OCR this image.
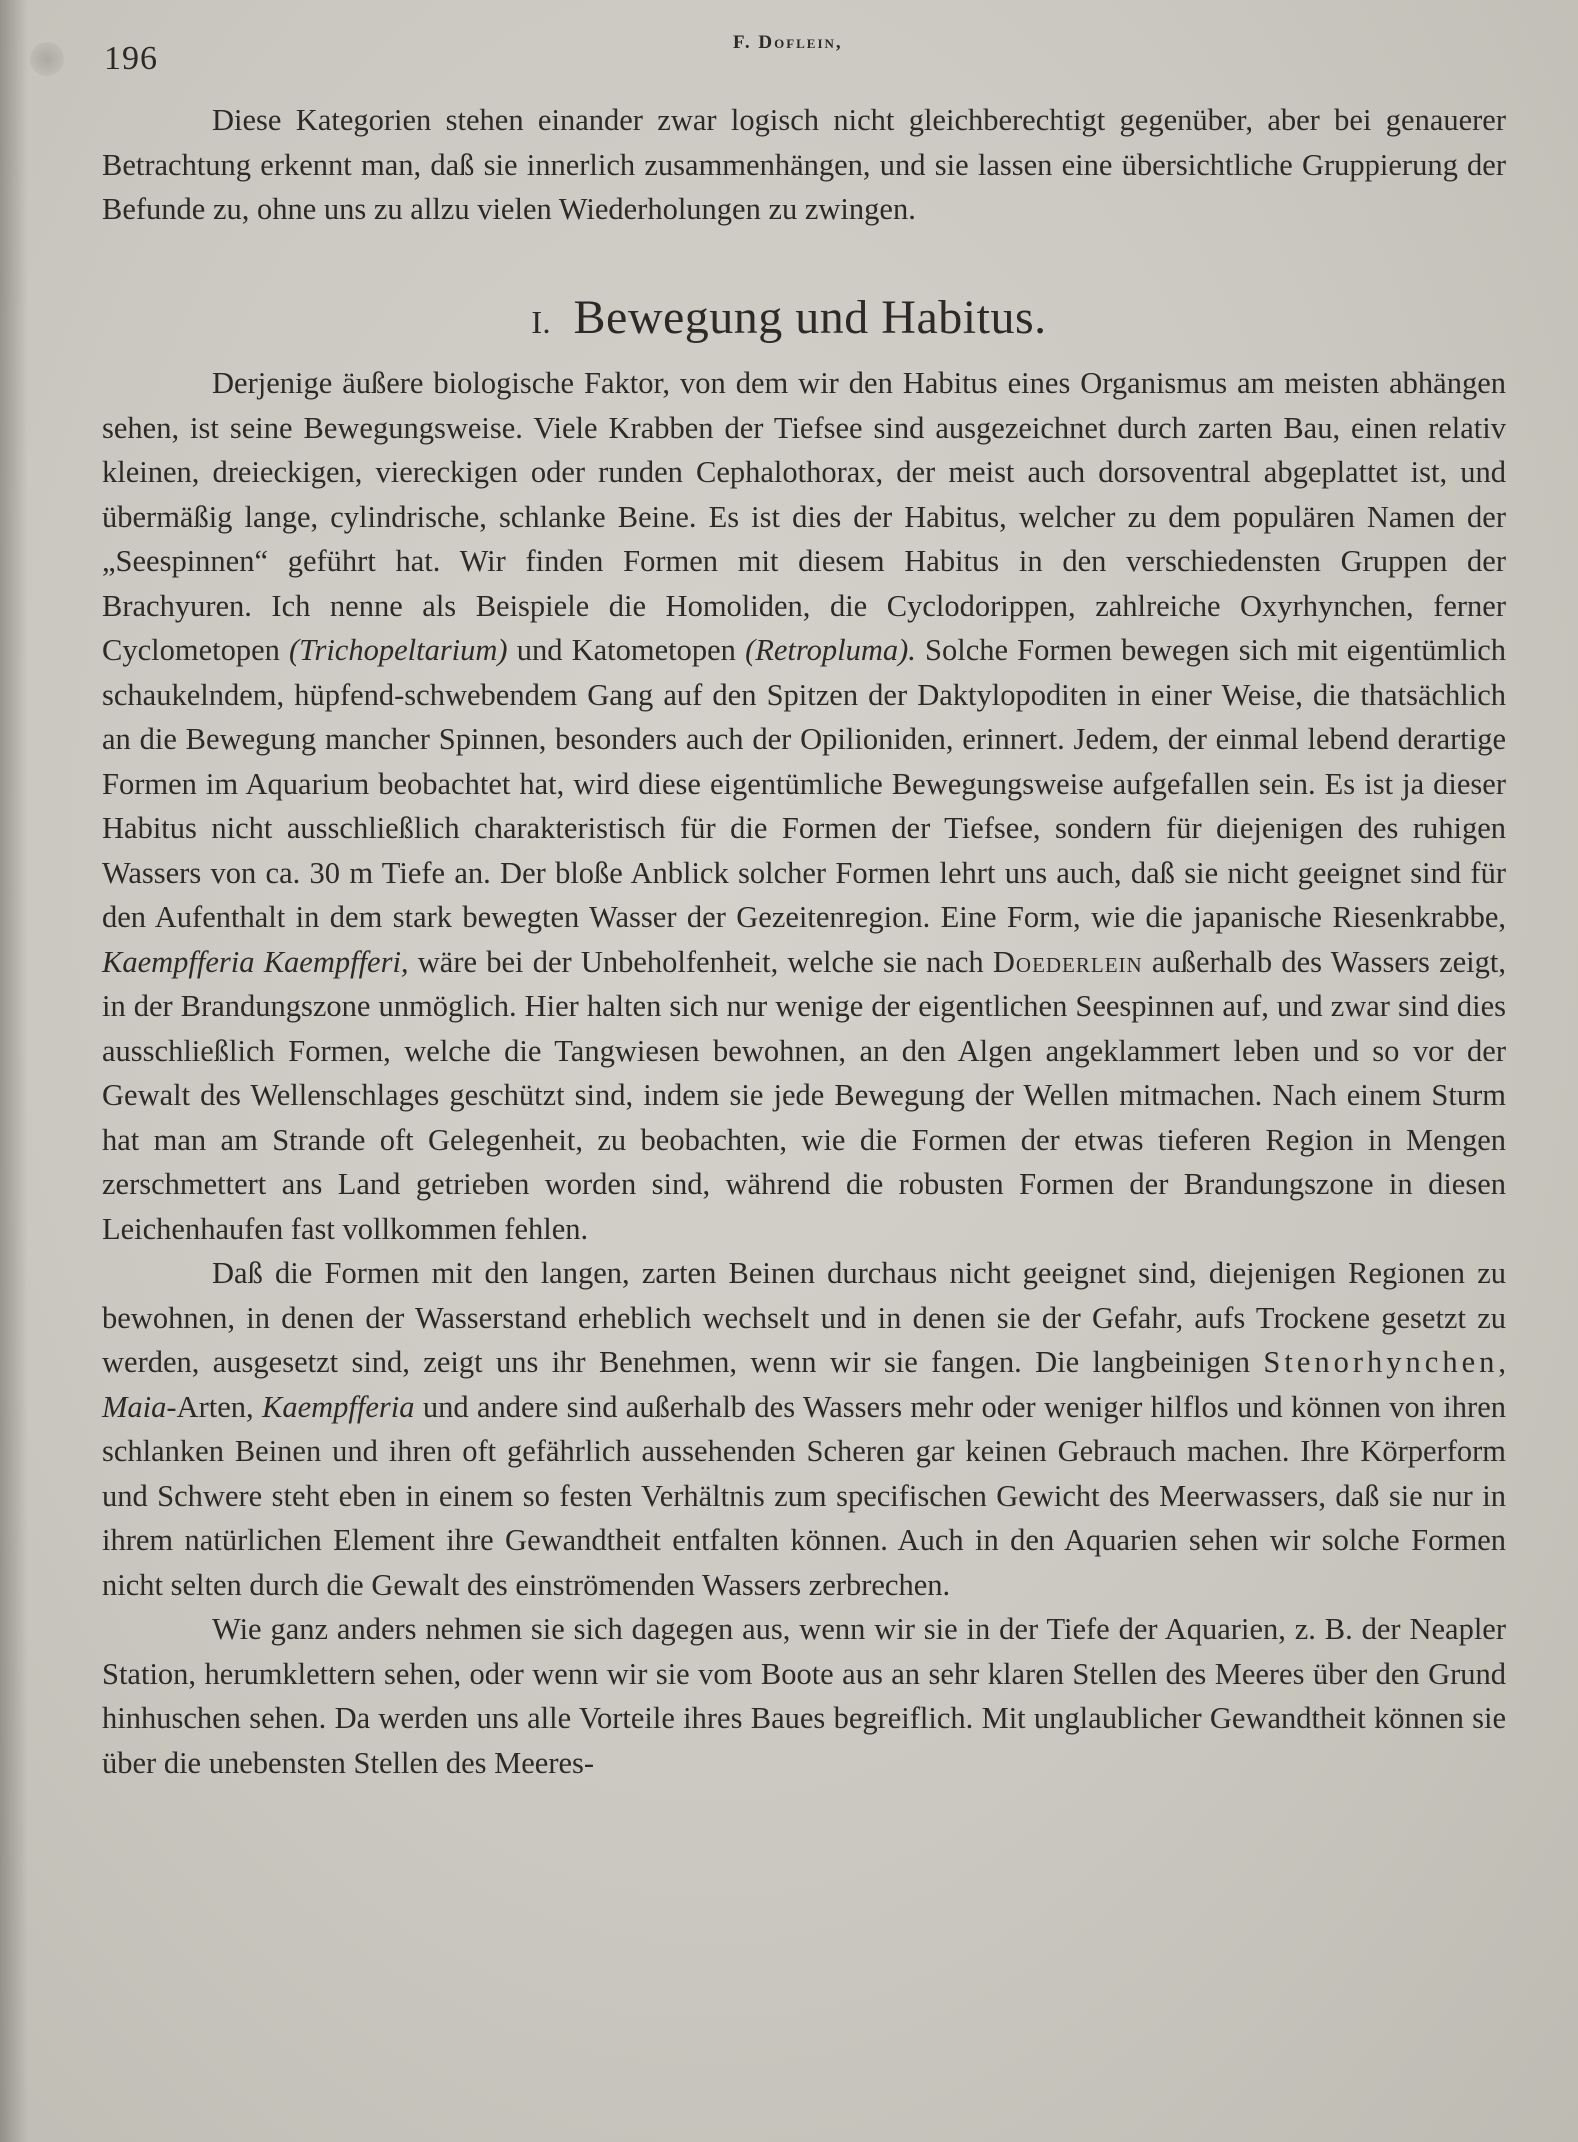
196	F. Doflein,

Diese Kategorien stehen einander zwar logisch nicht gleichberechtigt gegenüber, aber bei genauerer Betrachtung erkennt man, daß sie innerlich zusammenhängen, und sie lassen eine übersichtliche Gruppierung der Befunde zu, ohne uns zu allzu vielen Wiederholungen zu zwingen.

I. Bewegung und Habitus.

Derjenige äußere biologische Faktor, von dem wir den Habitus eines Organismus am meisten abhängen sehen, ist seine Bewegungsweise. Viele Krabben der Tiefsee sind ausgezeichnet durch zarten Bau, einen relativ kleinen, dreieckigen, viereckigen oder runden Cephalothorax, der meist auch dorsoventral abgeplattet ist, und übermäßig lange, cylindrische, schlanke Beine. Es ist dies der Habitus, welcher zu dem populären Namen der „Seespinnen“ geführt hat. Wir finden Formen mit diesem Habitus in den verschiedensten Gruppen der Brachyuren. Ich nenne als Beispiele die Homoliden, die Cyclodorippen, zahlreiche Oxyrhynchen, ferner Cyclometopen (Trichopeltarium) und Katometopen (Retropluma). Solche Formen bewegen sich mit eigentümlich schaukelndem, hüpfend-schwebendem Gang auf den Spitzen der Daktylopoditen in einer Weise, die thatsächlich an die Bewegung mancher Spinnen, besonders auch der Opilioniden, erinnert. Jedem, der einmal lebend derartige Formen im Aquarium beobachtet hat, wird diese eigentümliche Bewegungsweise aufgefallen sein. Es ist ja dieser Habitus nicht ausschließlich charakteristisch für die Formen der Tiefsee, sondern für diejenigen des ruhigen Wassers von ca. 30 m Tiefe an. Der bloße Anblick solcher Formen lehrt uns auch, daß sie nicht geeignet sind für den Aufenthalt in dem stark bewegten Wasser der Gezeitenregion. Eine Form, wie die japanische Riesenkrabbe, Kaempfferia Kaempfferi, wäre bei der Unbeholfenheit, welche sie nach Doederlein außerhalb des Wassers zeigt, in der Brandungszone unmöglich. Hier halten sich nur wenige der eigentlichen Seespinnen auf, und zwar sind dies ausschließlich Formen, welche die Tangwiesen bewohnen, an den Algen angeklammert leben und so vor der Gewalt des Wellenschlages geschützt sind, indem sie jede Bewegung der Wellen mitmachen. Nach einem Sturm hat man am Strande oft Gelegenheit, zu beobachten, wie die Formen der etwas tieferen Region in Mengen zerschmettert ans Land getrieben worden sind, während die robusten Formen der Brandungszone in diesen Leichenhaufen fast vollkommen fehlen.

Daß die Formen mit den langen, zarten Beinen durchaus nicht geeignet sind, diejenigen Regionen zu bewohnen, in denen der Wasserstand erheblich wechselt und in denen sie der Gefahr, aufs Trockene gesetzt zu werden, ausgesetzt sind, zeigt uns ihr Benehmen, wenn wir sie fangen. Die langbeinigen Stenorhynchen, Maia-Arten, Kaempfferia und andere sind außerhalb des Wassers mehr oder weniger hilflos und können von ihren schlanken Beinen und ihren oft gefährlich aussehenden Scheren gar keinen Gebrauch machen. Ihre Körperform und Schwere steht eben in einem so festen Verhältnis zum specifischen Gewicht des Meerwassers, daß sie nur in ihrem natürlichen Element ihre Gewandtheit entfalten können. Auch in den Aquarien sehen wir solche Formen nicht selten durch die Gewalt des einströmenden Wassers zerbrechen.

Wie ganz anders nehmen sie sich dagegen aus, wenn wir sie in der Tiefe der Aquarien, z. B. der Neapler Station, herumklettern sehen, oder wenn wir sie vom Boote aus an sehr klaren Stellen des Meeres über den Grund hinhuschen sehen. Da werden uns alle Vorteile ihres Baues begreiflich. Mit unglaublicher Gewandtheit können sie über die unebensten Stellen des Meeres-
